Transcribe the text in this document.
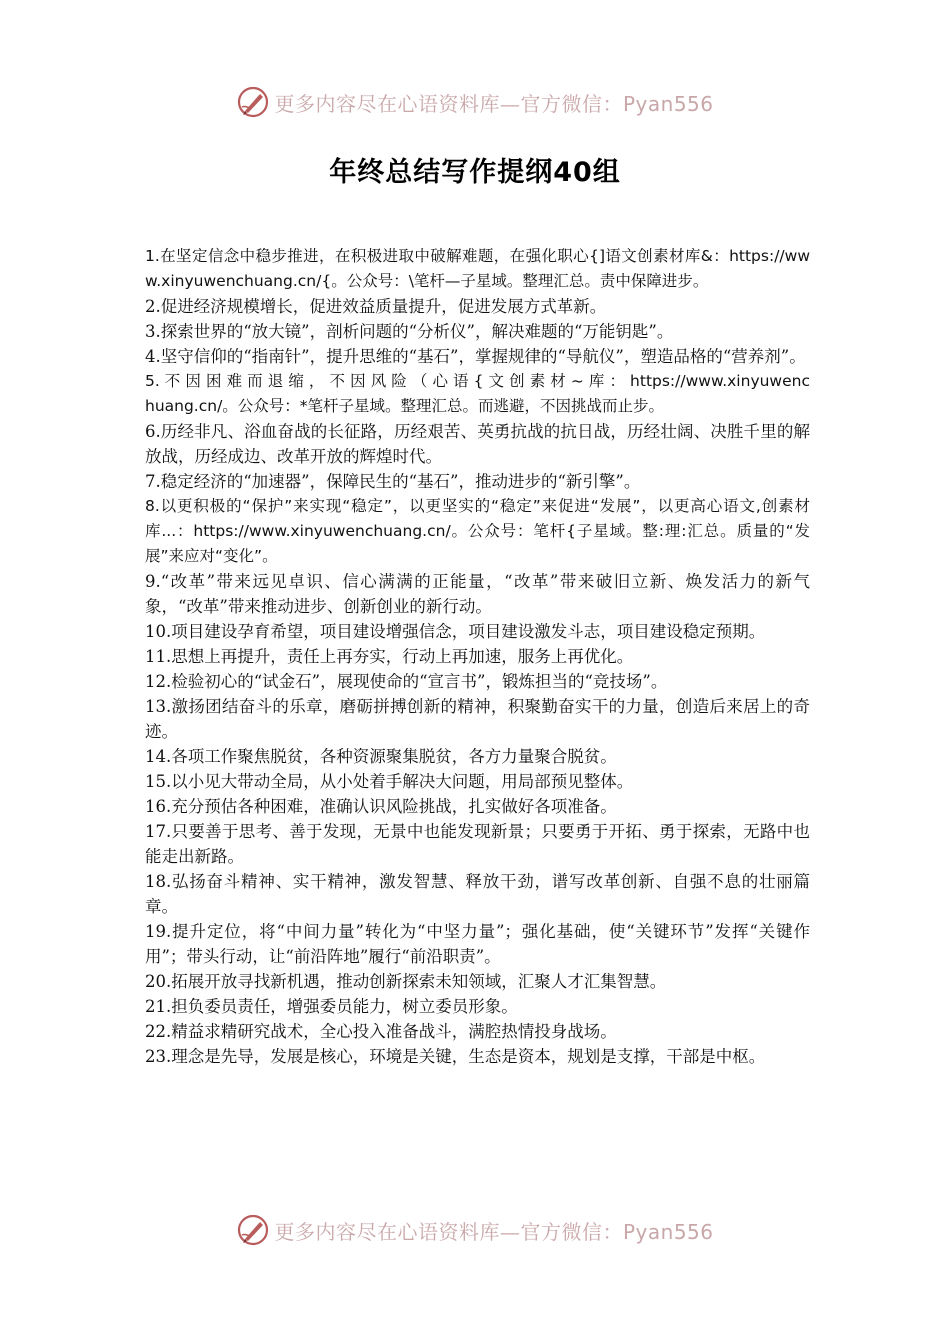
更多内容尽在心语资料库—官方微信：Pyan556
年终总结写作提纲40组

1.在坚定信念中稳步推进，在积极进取中破解难题，在强化职心{]语文创素材库&：https://www.xinyuwenchuang.cn/{。公众号：\笔杆—子星域。整理汇总。责中保障进步。

2.促进经济规模增长，促进效益质量提升，促进发展方式革新。

3.探索世界的“放大镜”，剖析问题的“分析仪”，解决难题的“万能钥匙”。

4.坚守信仰的“指南针”，提升思维的“基石”，掌握规律的“导航仪”，塑造品格的“营养剂”。

5. 不 因 困 难 而 退 缩 ， 不 因 风 险 （ 心 语 { 文 创 素 材 ~ 库 ： https://www.xinyuwenchuang.cn/。公众号：*笔杆子星域。整理汇总。而逃避，不因挑战而止步。

6.历经非凡、浴血奋战的长征路，历经艰苦、英勇抗战的抗日战，历经壮阔、决胜千里的解放战，历经成边、改革开放的辉煌时代。

7.稳定经济的“加速器”，保障民生的“基石”，推动进步的“新引擎”。

8.以更积极的“保护”来实现“稳定”，以更坚实的“稳定”来促进“发展”，以更高心语文,创素材库...：https://www.xinyuwenchuang.cn/。公众号：笔杆{子星域。整:理:汇总。质量的“发展”来应对“变化”。

9.“改革”带来远见卓识、信心满满的正能量，“改革”带来破旧立新、焕发活力的新气象，“改革”带来推动进步、创新创业的新行动。

10.项目建设孕育希望，项目建设增强信念，项目建设激发斗志，项目建设稳定预期。

11.思想上再提升，责任上再夯实，行动上再加速，服务上再优化。

12.检验初心的“试金石”，展现使命的“宣言书”，锻炼担当的“竞技场”。

13.激扬团结奋斗的乐章，磨砺拼搏创新的精神，积聚勤奋实干的力量，创造后来居上的奇迹。

14.各项工作聚焦脱贫，各种资源聚集脱贫，各方力量聚合脱贫。

15.以小见大带动全局，从小处着手解决大问题，用局部预见整体。

16.充分预估各种困难，准确认识风险挑战，扎实做好各项准备。

17.只要善于思考、善于发现，无景中也能发现新景；只要勇于开拓、勇于探索，无路中也能走出新路。

18.弘扬奋斗精神、实干精神，激发智慧、释放干劲，谱写改革创新、自强不息的壮丽篇章。

19.提升定位，将“中间力量”转化为“中坚力量”；强化基础，使“关键环节”发挥“关键作用”；带头行动，让“前沿阵地”履行“前沿职责”。

20.拓展开放寻找新机遇，推动创新探索未知领域，汇聚人才汇集智慧。

21.担负委员责任，增强委员能力，树立委员形象。

22.精益求精研究战术，全心投入准备战斗，满腔热情投身战场。

23.理念是先导，发展是核心，环境是关键，生态是资本，规划是支撑，干部是中枢。

更多内容尽在心语资料库—官方微信：Pyan556
